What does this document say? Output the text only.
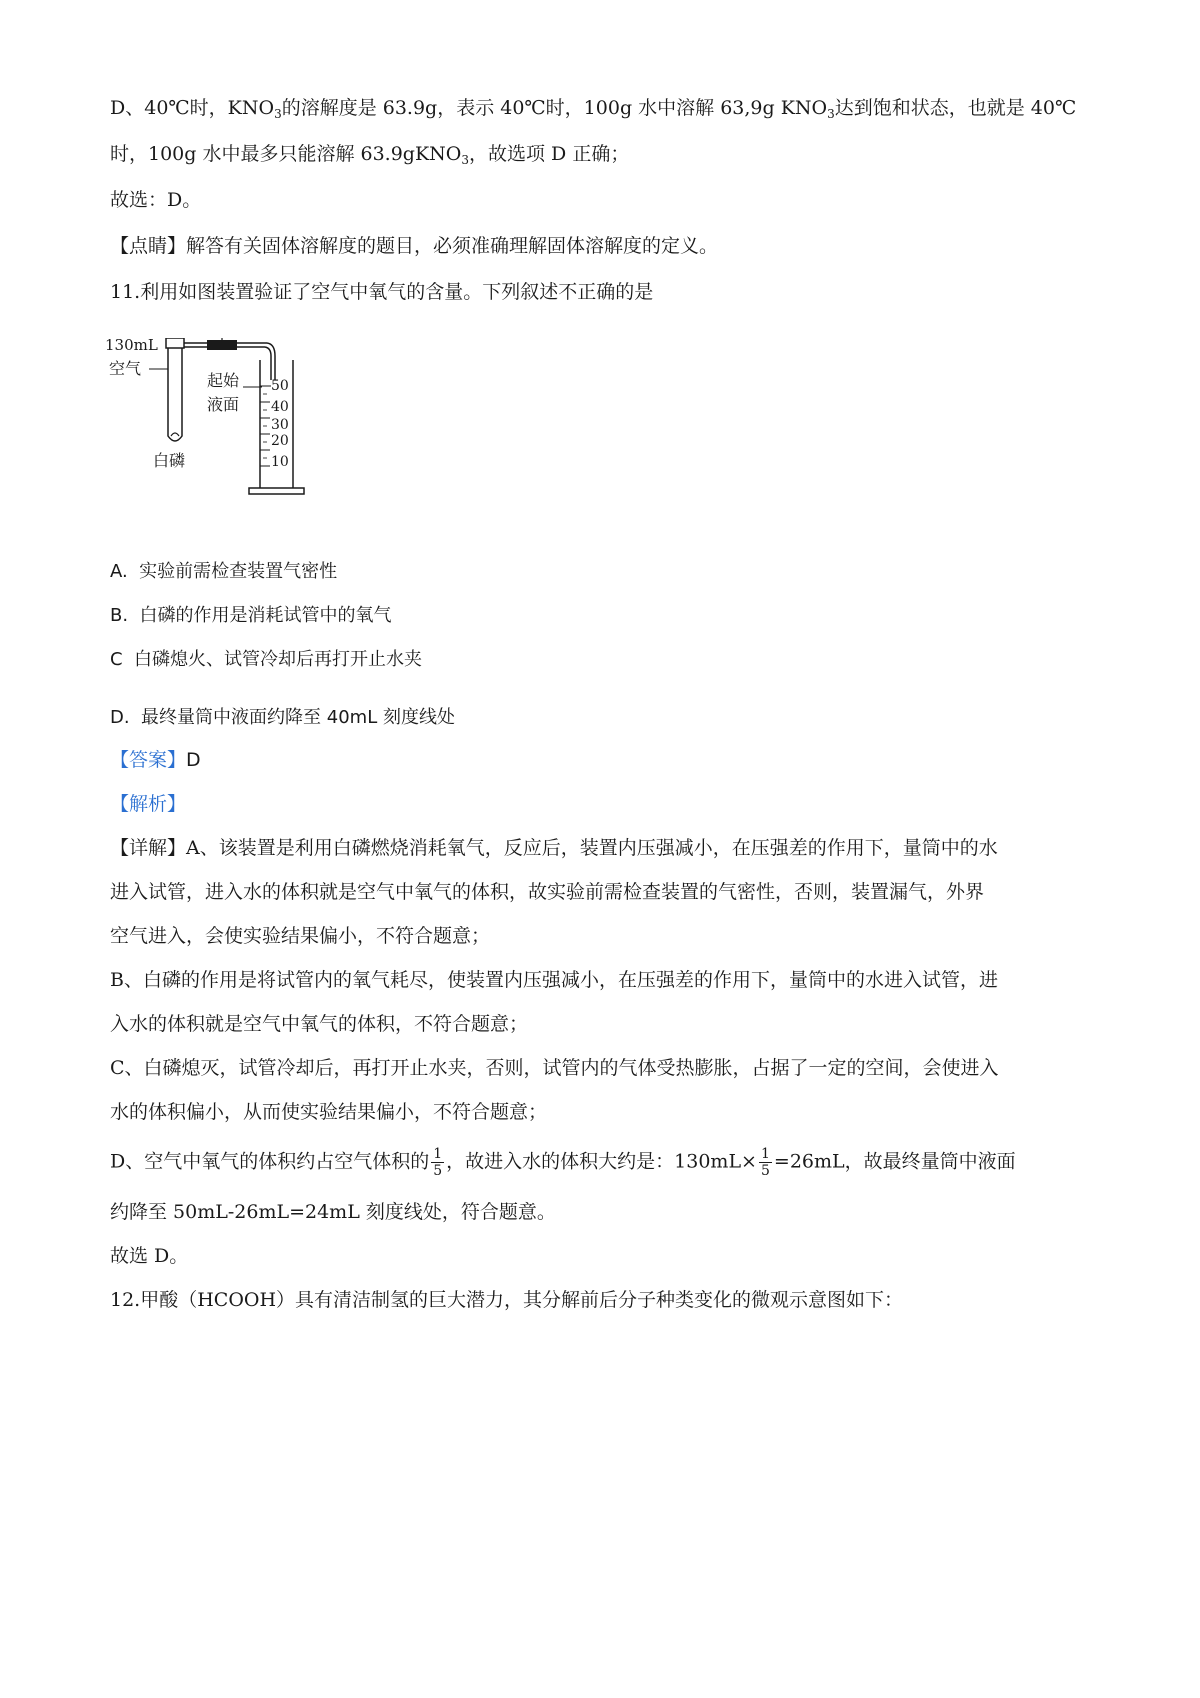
D、40℃时，$KNO_3$的溶解度是 63.9g，表示 40℃时，100g 水中溶解 63,9g $KNO_3$达到饱和状态，也就是 40℃
时，100g 水中最多只能溶解 63.9gKNO$_3$，故选项 D 正确；
故选：D。
【点睛】解答有关固体溶解度的题目，必须准确理解固体溶解度的定义。
11.利用如图装置验证了空气中氧气的含量。下列叙述不正确的是
130mL
空气
白磷
起始
液面
50
40
30
20
10
A. 实验前需检查装置气密性
B. 白磷的作用是消耗试管中的氧气
C 白磷熄火、试管冷却后再打开止水夹
D. 最终量筒中液面约降至 40mL 刻度线处
【答案】D
【解析】
【详解】A、该装置是利用白磷燃烧消耗氧气，反应后，装置内压强减小，在压强差的作用下，量筒中的水
进入试管，进入水的体积就是空气中氧气的体积，故实验前需检查装置的气密性，否则，装置漏气，外界
空气进入，会使实验结果偏小，不符合题意；
B、白磷的作用是将试管内的氧气耗尽，使装置内压强减小，在压强差的作用下，量筒中的水进入试管，进
入水的体积就是空气中氧气的体积，不符合题意；
C、白磷熄灭，试管冷却后，再打开止水夹，否则，试管内的气体受热膨胀，占据了一定的空间，会使进入
水的体积偏小，从而使实验结果偏小，不符合题意；
D、空气中氧气的体积约占空气体积的 $\frac{1}{5}$ ，故进入水的体积大约是：$130mL\times \frac{1}{5} =26mL$，故最终量筒中液面
约降至 50mL-26mL=24mL 刻度线处，符合题意。
故选 D。
12.甲酸（HCOOH）具有清洁制氢的巨大潜力，其分解前后分子种类变化的微观示意图如下：
